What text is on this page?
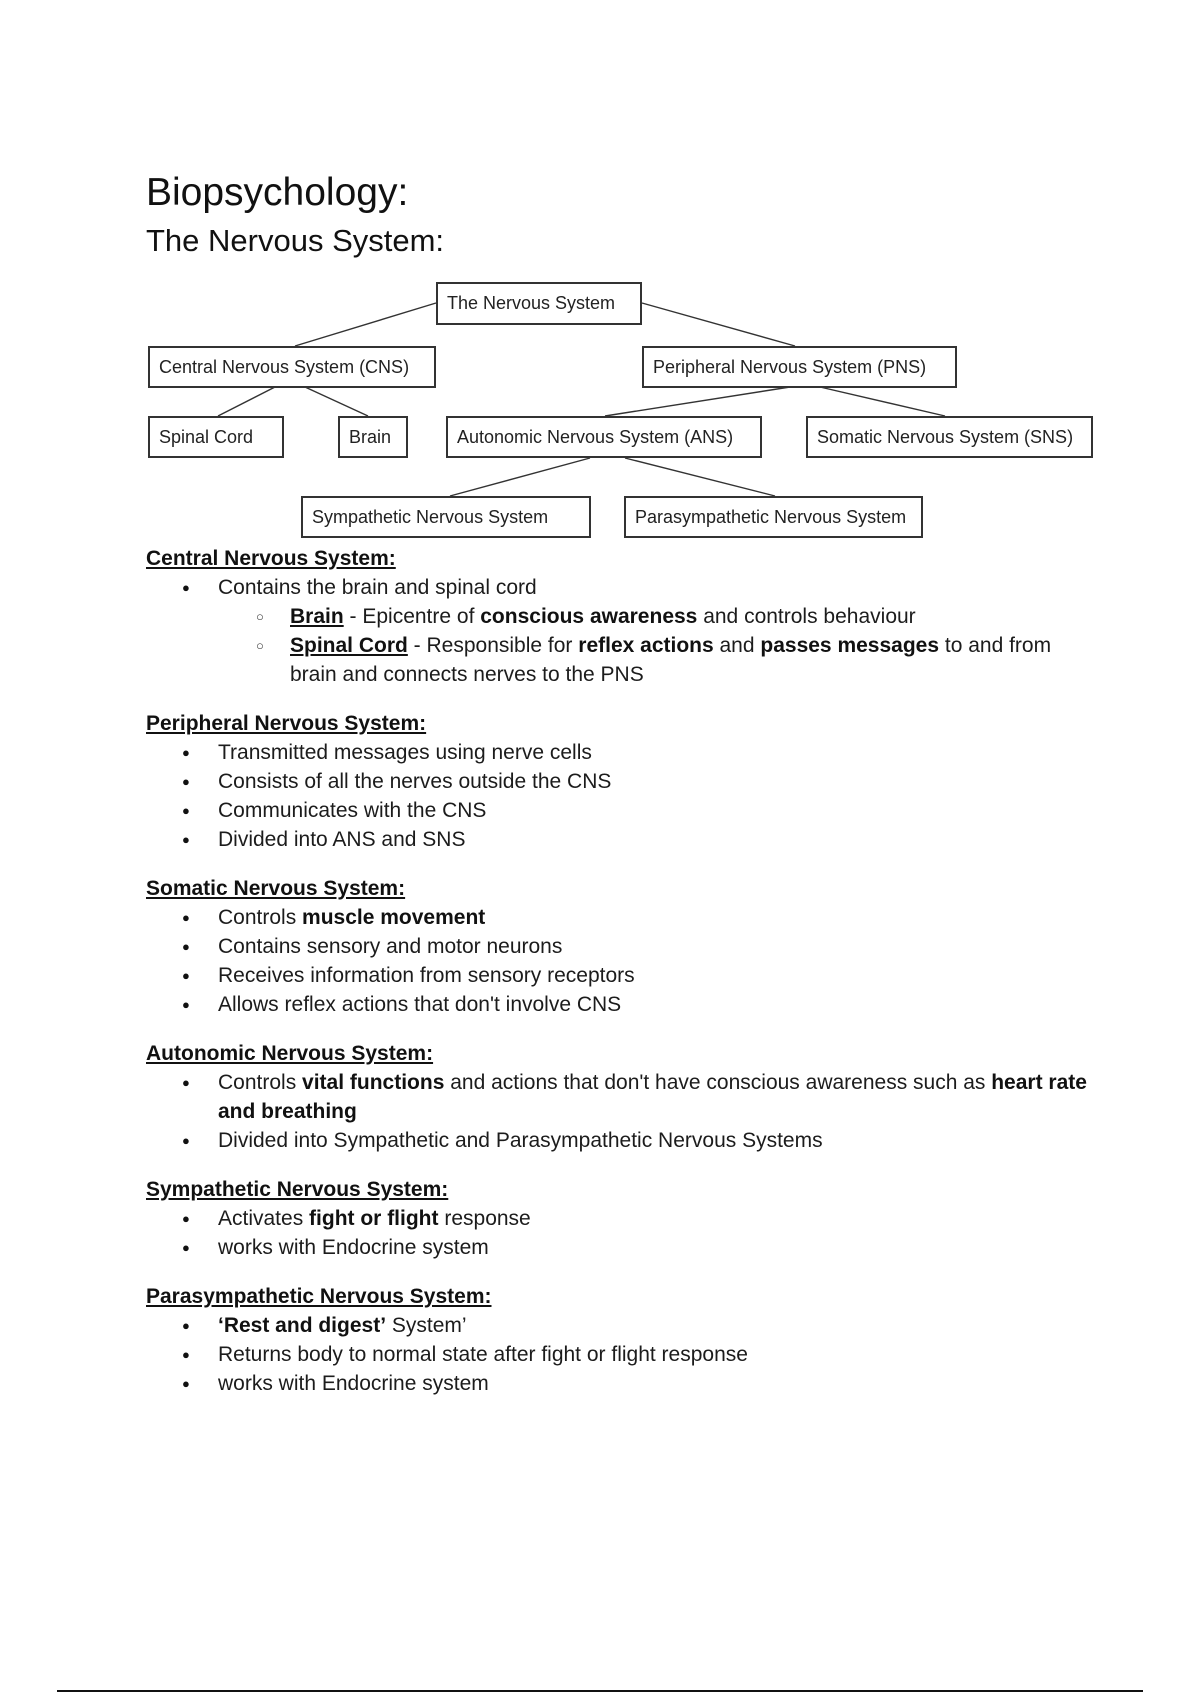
Biopsychology:
The Nervous System:
The Nervous System
Central Nervous System (CNS)	Peripheral Nervous System (PNS)
Spinal Cord	Brain	Autonomic Nervous System (ANS)	Somatic Nervous System (SNS)
Sympathetic Nervous System	Parasympathetic Nervous System
Central Nervous System:
● Contains the brain and spinal cord
○ Brain - Epicentre of conscious awareness and controls behaviour
○ Spinal Cord - Responsible for reflex actions and passes messages to and from brain and connects nerves to the PNS
Peripheral Nervous System:
● Transmitted messages using nerve cells
● Consists of all the nerves outside the CNS
● Communicates with the CNS
● Divided into ANS and SNS
Somatic Nervous System:
● Controls muscle movement
● Contains sensory and motor neurons
● Receives information from sensory receptors
● Allows reflex actions that don't involve CNS
Autonomic Nervous System:
● Controls vital functions and actions that don't have conscious awareness such as heart rate and breathing
● Divided into Sympathetic and Parasympathetic Nervous Systems
Sympathetic Nervous System:
● Activates fight or flight response
● works with Endocrine system
Parasympathetic Nervous System:
● ‘Rest and digest’ System’
● Returns body to normal state after fight or flight response
● works with Endocrine system
